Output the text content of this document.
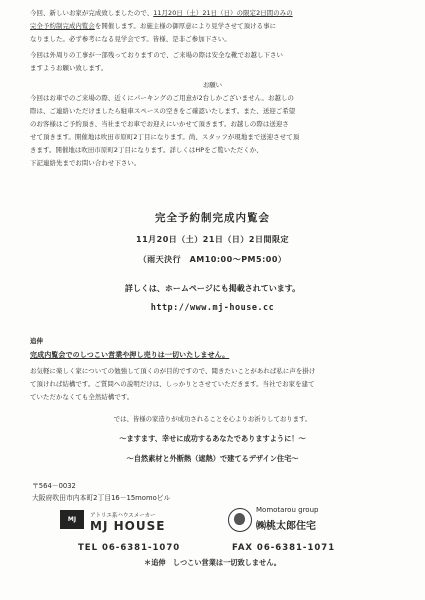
今回、新しいお家が完成致しましたので、11月20日（土）21日（日）の限定2日間のみの

完全予約制完成内覧会を開催します。お施主様の御厚意により見学させて頂ける事に

なりました。必ず参考になる見学会です。皆様、是非ご参加下さい。

今回は外周りの工事が一部残っておりますので、ご来場の際は安全な靴でお越し下さい

ますようお願い致します。

お願い

今回はお車でのご来場の際、近くにパーキングのご用意が2台しかございません。お越しの

際は、ご連絡いただけましたら駐車スペースの空きをご確認いたします。また、送迎ご希望

のお客様はご予約頂き、当社までお車でお迎えにいかせて頂きます。お越しの際は送迎さ

せて頂きます。開催地は吹田市原町2丁目になります。尚、スタッフが現地まで送迎させて頂

きます。開催地は吹田市原町2丁目になります。詳しくはHPをご覧いただくか、

下記連絡先までお問い合わせ下さい。

完全予約制完成内覧会

11月20日（土）21日（日）2日間限定

（雨天決行　AM10:00～PM5:00）

詳しくは、ホームページにも掲載されています。

http://www.mj-house.cc

追伸

完成内覧会でのしつこい営業や押し売りは一切いたしません。

お気軽に楽しく家についての勉強して頂くのが目的ですので、聞きたいことがあれば私に声を掛け

て頂ければ結構です。ご質問への説明だけは、しっかりとさせていただきます。当社でお家を建て

ていただかなくても全然結構です。

では、皆様の家造りが成功されることを心よりお祈りしております。

～ますます、幸せに成功するあなたでありますように！～

～自然素材と外断熱（遮熱）で建てるデザイン住宅～

〒564－0032
大阪府吹田市内本町2丁目16－15momoビル
MJ	アトリエ系ハウスメーカー
MJ HOUSE
Momotarou group
㈱桃太郎住宅
TEL 06-6381-1070	FAX 06-6381-1071
＊追伸　しつこい営業は一切致しません。
